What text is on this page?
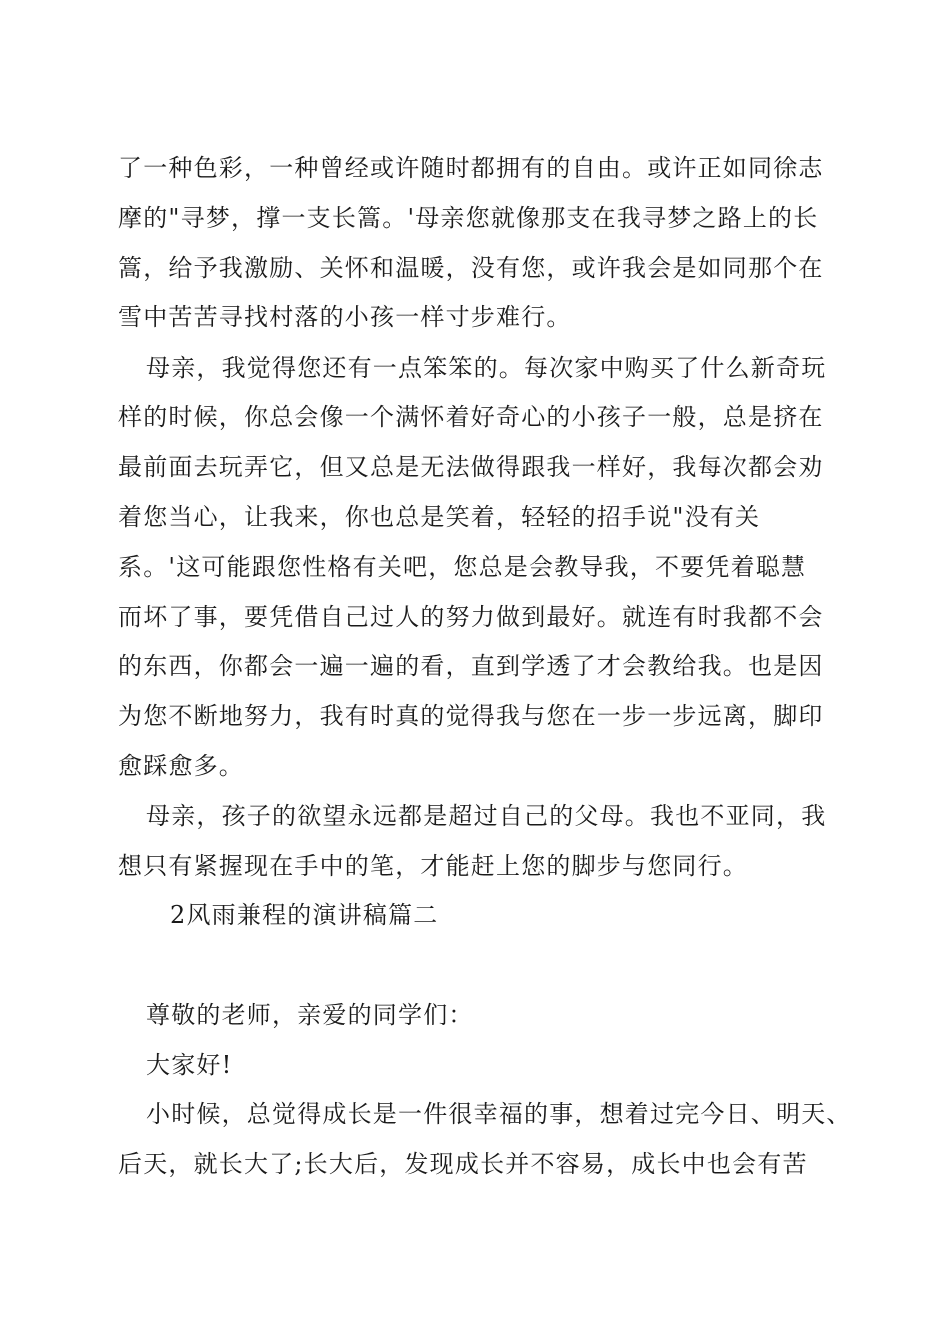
了一种色彩，一种曾经或许随时都拥有的自由。或许正如同徐志
摩的"寻梦，撑一支长篙。'母亲您就像那支在我寻梦之路上的长
篙，给予我激励、关怀和温暖，没有您，或许我会是如同那个在
雪中苦苦寻找村落的小孩一样寸步难行。
母亲，我觉得您还有一点笨笨的。每次家中购买了什么新奇玩
样的时候，你总会像一个满怀着好奇心的小孩子一般，总是挤在
最前面去玩弄它，但又总是无法做得跟我一样好，我每次都会劝
着您当心，让我来，你也总是笑着，轻轻的招手说"没有关
系。'这可能跟您性格有关吧，您总是会教导我，不要凭着聪慧
而坏了事，要凭借自己过人的努力做到最好。就连有时我都不会
的东西，你都会一遍一遍的看，直到学透了才会教给我。也是因
为您不断地努力，我有时真的觉得我与您在一步一步远离，脚印
愈踩愈多。
母亲，孩子的欲望永远都是超过自己的父母。我也不亚同，我
想只有紧握现在手中的笔，才能赶上您的脚步与您同行。
2风雨兼程的演讲稿篇二
尊敬的老师，亲爱的同学们：
大家好!
小时候，总觉得成长是一件很幸福的事，想着过完今日、明天、
后天，就长大了;长大后，发现成长并不容易，成长中也会有苦
